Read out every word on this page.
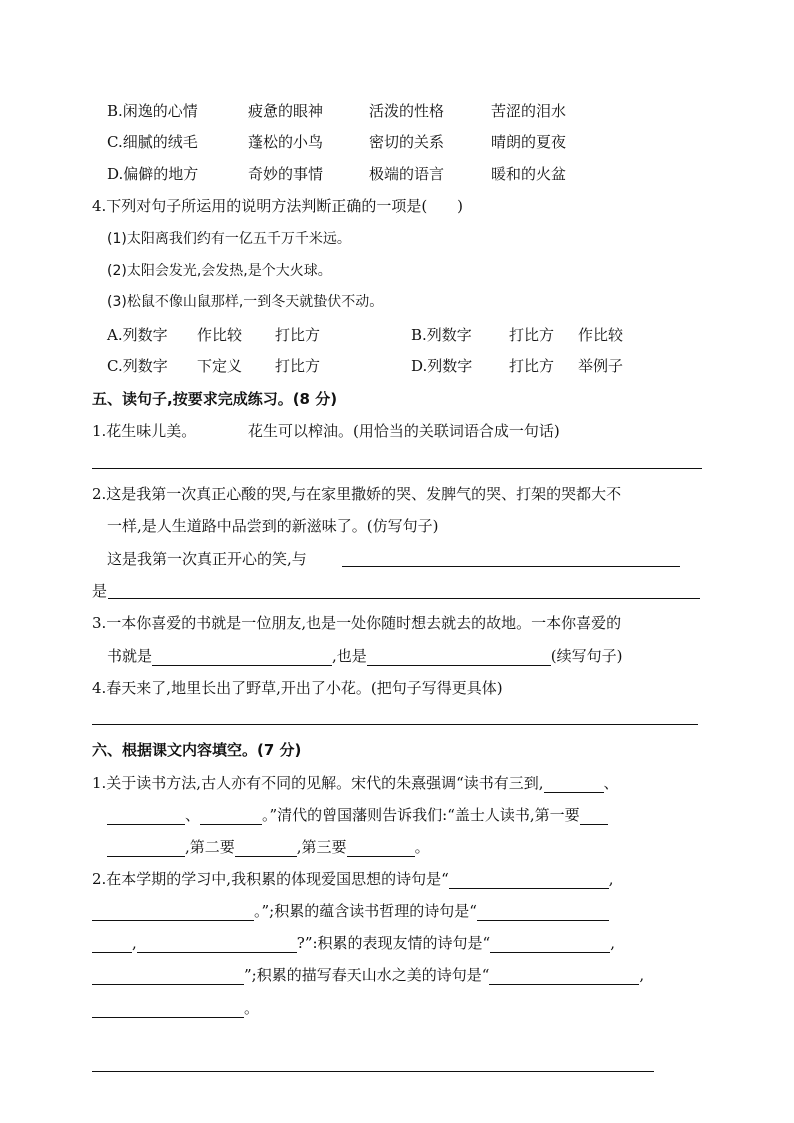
B.闲逸的心情	疲惫的眼神	活泼的性格	苦涩的泪水
C.细腻的绒毛	蓬松的小鸟	密切的关系	晴朗的夏夜
D.偏僻的地方	奇妙的事情	极端的语言	暖和的火盆
4.下列对句子所运用的说明方法判断正确的一项是(　　)
(1)太阳离我们约有一亿五千万千米远。
(2)太阳会发光,会发热,是个大火球。
(3)松鼠不像山鼠那样,一到冬天就蛰伏不动。
A.列数字 作比较 打比方	B.列数字 打比方 作比较
C.列数字 下定义 打比方	D.列数字 打比方 举例子
五、读句子,按要求完成练习。(8 分)
1.花生味儿美。	花生可以榨油。(用恰当的关联词语合成一句话)
2.这是我第一次真正心酸的哭,与在家里撒娇的哭、发脾气的哭、打架的哭都大不
一样,是人生道路中品尝到的新滋味了。(仿写句子)
这是我第一次真正开心的笑,与
是
3.一本你喜爱的书就是一位朋友,也是一处你随时想去就去的故地。一本你喜爱的
书就是	,也是	(续写句子)
4.春天来了,地里长出了野草,开出了小花。(把句子写得更具体)
六、根据课文内容填空。(7 分)
1.关于读书方法,古人亦有不同的见解。宋代的朱熹强调“读书有三到,	、
、	。”清代的曾国藩则告诉我们:“盖士人读书,第一要
,第二要	,第三要	。
2.在本学期的学习中,我积累的体现爱国思想的诗句是“	,
。”;积累的蕴含读书哲理的诗句是“
,	?”:积累的表现友情的诗句是“	,
”;积累的描写春天山水之美的诗句是“	,
。
